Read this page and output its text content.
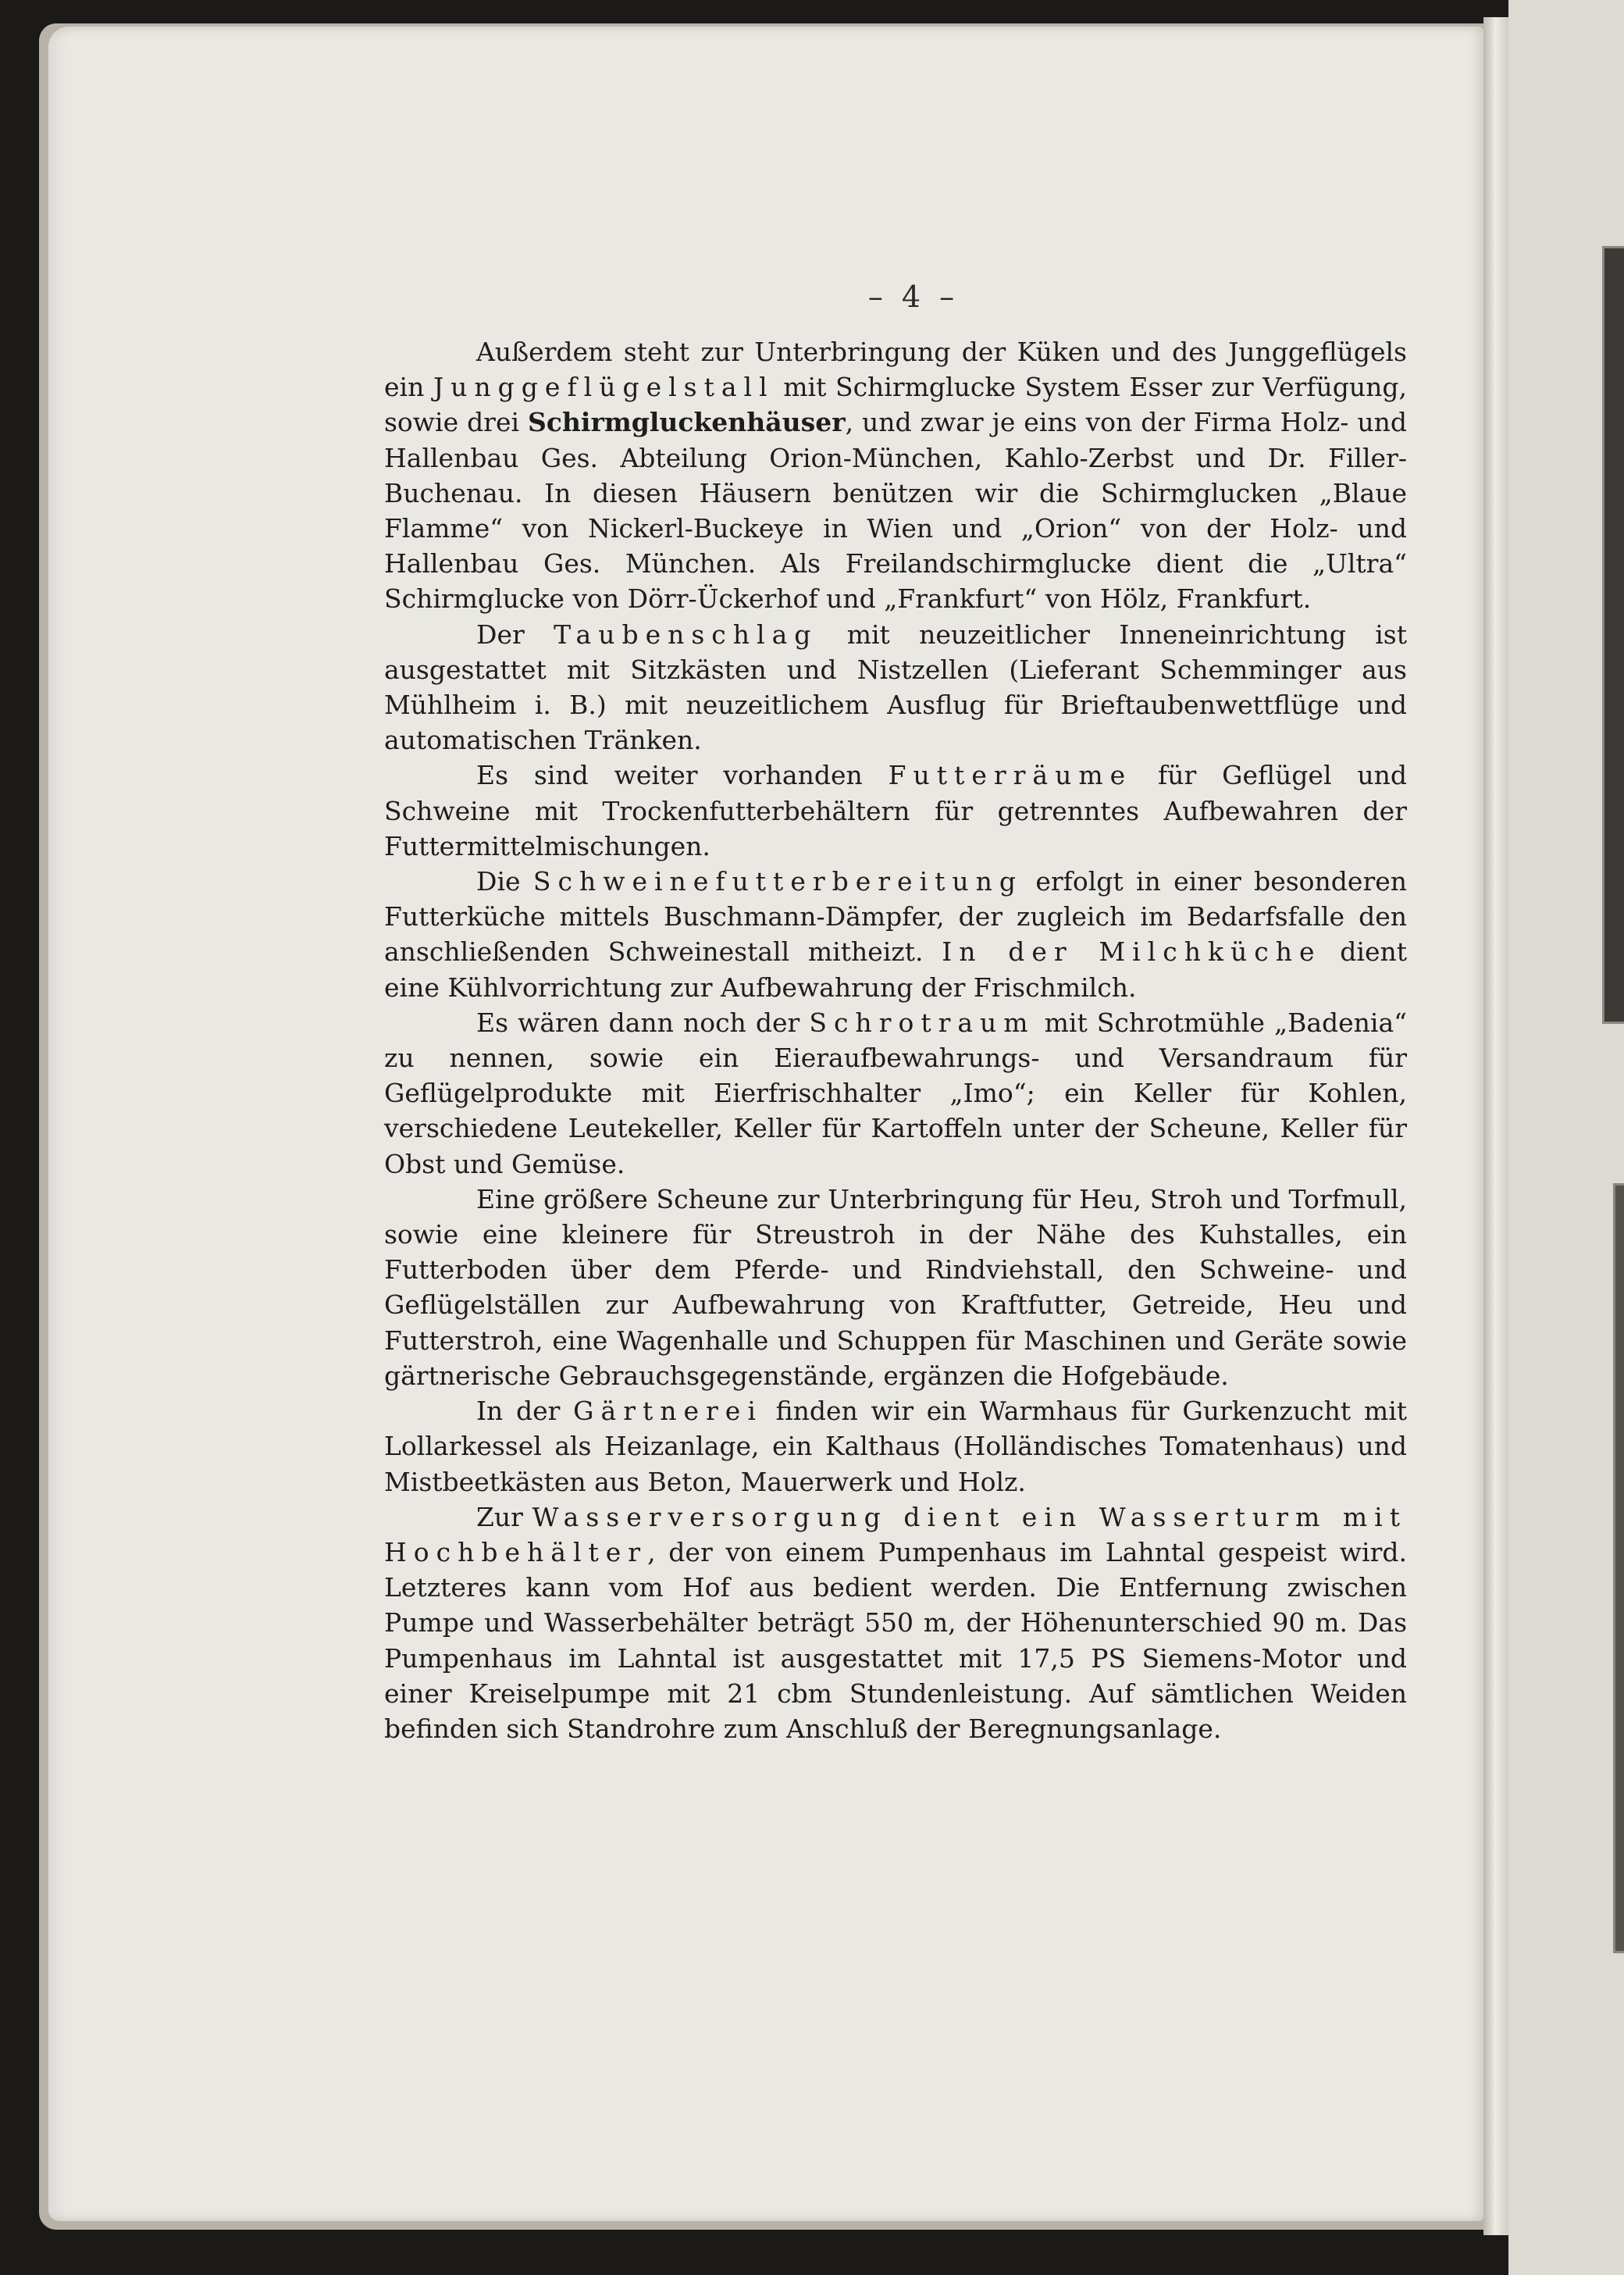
– 4 –

Außerdem steht zur Unterbringung der Küken und des Junggeflügels ein Junggeflügelstall mit Schirmglucke System Esser zur Verfügung, sowie drei Schirmgluckenhäuser, und zwar je eins von der Firma Holz- und Hallenbau Ges. Abteilung Orion-München, Kahlo-Zerbst und Dr. Filler-Buchenau. In diesen Häusern benützen wir die Schirmglucken „Blaue Flamme“ von Nickerl-Buckeye in Wien und „Orion“ von der Holz- und Hallenbau Ges. München. Als Freilandschirmglucke dient die „Ultra“ Schirmglucke von Dörr-Ückerhof und „Frankfurt“ von Hölz, Frankfurt.

Der Taubenschlag mit neuzeitlicher Inneneinrichtung ist ausgestattet mit Sitzkästen und Nistzellen (Lieferant Schemminger aus Mühlheim i. B.) mit neuzeitlichem Ausflug für Brieftaubenwettflüge und automatischen Tränken.

Es sind weiter vorhanden Futterräume für Geflügel und Schweine mit Trockenfutterbehältern für getrenntes Aufbewahren der Futtermittelmischungen.

Die Schweinefutterbereitung erfolgt in einer besonderen Futterküche mittels Buschmann-Dämpfer, der zugleich im Bedarfsfalle den anschließenden Schweinestall mitheizt. In der Milchküche dient eine Kühlvorrichtung zur Aufbewahrung der Frischmilch.

Es wären dann noch der Schrotraum mit Schrotmühle „Badenia“ zu nennen, sowie ein Eieraufbewahrungs- und Versandraum für Geflügelprodukte mit Eierfrischhalter „Imo“; ein Keller für Kohlen, verschiedene Leutekeller, Keller für Kartoffeln unter der Scheune, Keller für Obst und Gemüse.

Eine größere Scheune zur Unterbringung für Heu, Stroh und Torfmull, sowie eine kleinere für Streustroh in der Nähe des Kuhstalles, ein Futterboden über dem Pferde- und Rindviehstall, den Schweine- und Geflügelställen zur Aufbewahrung von Kraftfutter, Getreide, Heu und Futterstroh, eine Wagenhalle und Schuppen für Maschinen und Geräte sowie gärtnerische Gebrauchsgegenstände, ergänzen die Hofgebäude.

In der Gärtnerei finden wir ein Warmhaus für Gurkenzucht mit Lollarkessel als Heizanlage, ein Kalthaus (Holländisches Tomatenhaus) und Mistbeetkästen aus Beton, Mauerwerk und Holz.

Zur Wasserversorgung dient ein Wasserturm mit Hochbehälter, der von einem Pumpenhaus im Lahntal gespeist wird. Letzteres kann vom Hof aus bedient werden. Die Entfernung zwischen Pumpe und Wasserbehälter beträgt 550 m, der Höhenunterschied 90 m. Das Pumpenhaus im Lahntal ist ausgestattet mit 17,5 PS Siemens-Motor und einer Kreiselpumpe mit 21 cbm Stundenleistung. Auf sämtlichen Weiden befinden sich Standrohre zum Anschluß der Beregnungsanlage.
